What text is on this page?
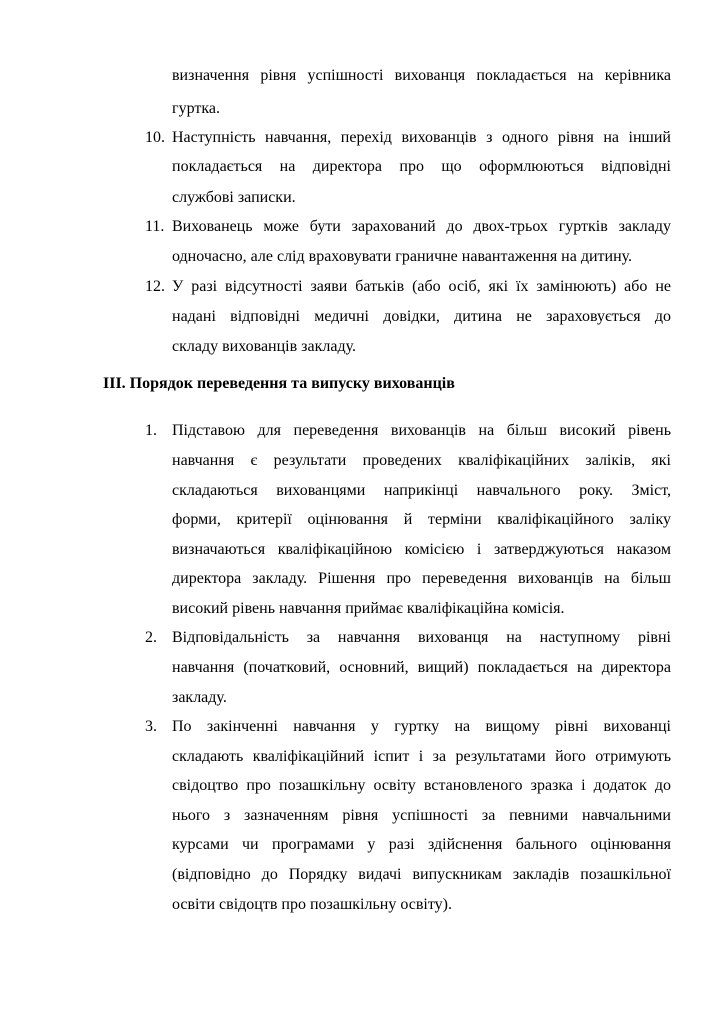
визначення рівня успішності вихованця покладається на керівника
гуртка.
10. Наступність навчання, перехід вихованців з одного рівня на інший
покладається на директора про що оформлюються відповідні
службові записки.
11. Вихованець може бути зарахований до двох-трьох гуртків закладу
одночасно, але слід враховувати граничне навантаження на дитину.
12. У разі відсутності заяви батьків (або осіб, які їх замінюють) або не
надані відповідні медичні довідки, дитина не зараховується до
складу вихованців закладу.
ІІІ. Порядок переведення та випуску вихованців
1. Підставою для переведення вихованців на більш високий рівень
навчання є результати проведених кваліфікаційних заліків, які
складаються вихованцями наприкінці навчального року. Зміст,
форми, критерії оцінювання й терміни кваліфікаційного заліку
визначаються кваліфікаційною комісією і затверджуються наказом
директора закладу. Рішення про переведення вихованців на більш
високий рівень навчання приймає кваліфікаційна комісія.
2. Відповідальність за навчання вихованця на наступному рівні
навчання (початковий, основний, вищий) покладається на директора
закладу.
3. По закінченні навчання у гуртку на вищому рівні вихованці
складають кваліфікаційний іспит і за результатами його отримують
свідоцтво про позашкільну освіту встановленого зразка і додаток до
нього з зазначенням рівня успішності за певними навчальними
курсами чи програмами у разі здійснення бального оцінювання
(відповідно до Порядку видачі випускникам закладів позашкільної
освіти свідоцтв про позашкільну освіту).
